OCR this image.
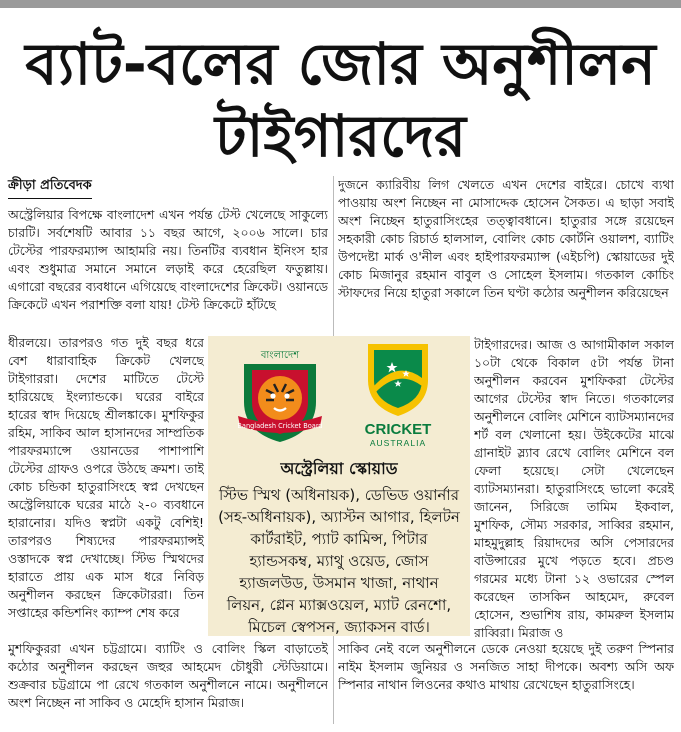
ব্যাট-বলের জোর অনুশীলন
টাইগারদের
ক্রীড়া প্রতিবেদক

অস্ট্রেলিয়ার বিপক্ষে বাংলাদেশ এখন পর্যন্ত টেস্ট খেলেছে সাকুল্যে চারটি। সর্বশেষটি আবার ১১ বছর আগে, ২০০৬ সালে। চার টেস্টের পারফরম্যান্স আহামরি নয়। তিনটির ব্যবধান ইনিংস হার এবং শুধুমাত্র সমানে সমানে লড়াই করে হেরেছিল ফতুল্লায়। এগারো বছরের ব্যবধানে এগিয়েছে বাংলাদেশের ক্রিকেট। ওয়ানডে ক্রিকেটে এখন পরাশক্তি বলা যায়! টেস্ট ক্রিকেটে হাঁটছে

ধীরলয়ে। তারপরও গত দুই বছর ধরে বেশ ধারাবাহিক ক্রিকেট খেলছে টাইগাররা। দেশের মাটিতে টেস্টে হারিয়েছে ইংল্যান্ডকে। ঘরের বাইরে হারের স্বাদ দিয়েছে শ্রীলঙ্কাকে। মুশফিকুর রহিম, সাকিব আল হাসানদের সাম্প্রতিক পারফরম্যান্সে ওয়ানডের পাশাপাশি টেস্টের গ্রাফও ওপরে উঠছে ক্রমশ। তাই কোচ চন্ডিকা হাতুরাসিংহে স্বপ্ন দেখছেন অস্ট্রেলিয়াকে ঘরের মাঠে ২-০ ব্যবধানে হারানোর। যদিও স্বপ্নটা একটু বেশিই! তারপরও শিষ্যদের পারফরম্যান্সই ওস্তাদকে স্বপ্ন দেখাচ্ছে। স্টিভ স্মিথদের হারাতে প্রায় এক মাস ধরে নিবিড় অনুশীলন করছেন ক্রিকেটাররা। তিন সপ্তাহের কন্ডিশনিং ক্যাম্প শেষ করে

মুশফিকুররা এখন চট্টগ্রামে। ব্যাটিং ও বোলিং স্কিল বাড়াতেই কঠোর অনুশীলন করছেন জহুর আহমেদ চৌধুরী স্টেডিয়ামে। শুক্রবার চট্টগ্রামে পা রেখে গতকাল অনুশীলনে নামে। অনুশীলনে অংশ নিচ্ছেন না সাকিব ও মেহেদি হাসান মিরাজ।

দুজনে ক্যারিবীয় লিগ খেলতে এখন দেশের বাইরে। চোখে ব্যথা পাওয়ায় অংশ নিচ্ছেন না মোসাদ্দেক হোসেন সৈকত। এ ছাড়া সবাই অংশ নিচ্ছেন হাতুরাসিংহের তত্ত্বাবধানে। হাতুরার সঙ্গে রয়েছেন সহকারী কোচ রিচার্ড হালসাল, বোলিং কোচ কোর্টনি ওয়ালশ, ব্যাটিং উপদেষ্টা মার্ক ও'নীল এবং হাইপারফরম্যান্স (এইচপি) স্কোয়াডের দুই কোচ মিজানুর রহমান বাবুল ও সোহেল ইসলাম। গতকাল কোচিং স্টাফদের নিয়ে হাতুরা সকালে তিন ঘণ্টা কঠোর অনুশীলন করিয়েছেন

টাইগারদের। আজ ও আগামীকাল সকাল ১০টা থেকে বিকাল ৫টা পর্যন্ত টানা অনুশীলন করবেন মুশফিকরা টেস্টের আগের টেস্টের স্বাদ নিতে। গতকালের অনুশীলনে বোলিং মেশিনে ব্যাটসম্যানদের শর্ট বল খেলানো হয়। উইকেটের মাঝে গ্রানাইট স্ল্যাব রেখে বোলিং মেশিনে বল ফেলা হয়েছে। সেটা খেলেছেন ব্যাটসম্যানরা। হাতুরাসিংহে ভালো করেই জানেন, সিরিজে তামিম ইকবাল, মুশফিক, সৌম্য সরকার, সাব্বির রহমান, মাহমুদুল্লাহ রিয়াদদের অসি পেসারদের বাউন্সারের মুখে পড়তে হবে। প্রচণ্ড গরমের মধ্যে টানা ১২ ওভারের স্পেল করেছেন তাসকিন আহমেদ, রুবেল হোসেন, শুভাশিষ রায়, কামরুল ইসলাম রাব্বিরা। মিরাজ ও

সাকিব নেই বলে অনুশীলনে ডেকে নেওয়া হয়েছে দুই তরুণ স্পিনার নাইম ইসলাম জুনিয়র ও সনজিত সাহা দীপকে। অবশ্য অসি অফ স্পিনার নাথান লিওনের কথাও মাথায় রেখেছেন হাতুরাসিংহে।

বাংলাদেশ
Bangladesh Cricket Board	CRICKET
AUSTRALIA
অস্ট্রেলিয়া স্কোয়াড
স্টিভ স্মিথ (অধিনায়ক), ডেভিড ওয়ার্নার (সহ-অধিনায়ক), অ্যাস্টন আগার, হিলটন কার্টরাইট, প্যাট কামিন্স, পিটার হ্যান্ডসকম্ব, ম্যাথু ওয়েড, জোস হ্যাজলউড, উসমান খাজা, নাথান লিয়ন, গ্লেন ম্যাক্সওয়েল, ম্যাট রেনশো, মিচেল স্বেপসন, জ্যাকসন বার্ড।
